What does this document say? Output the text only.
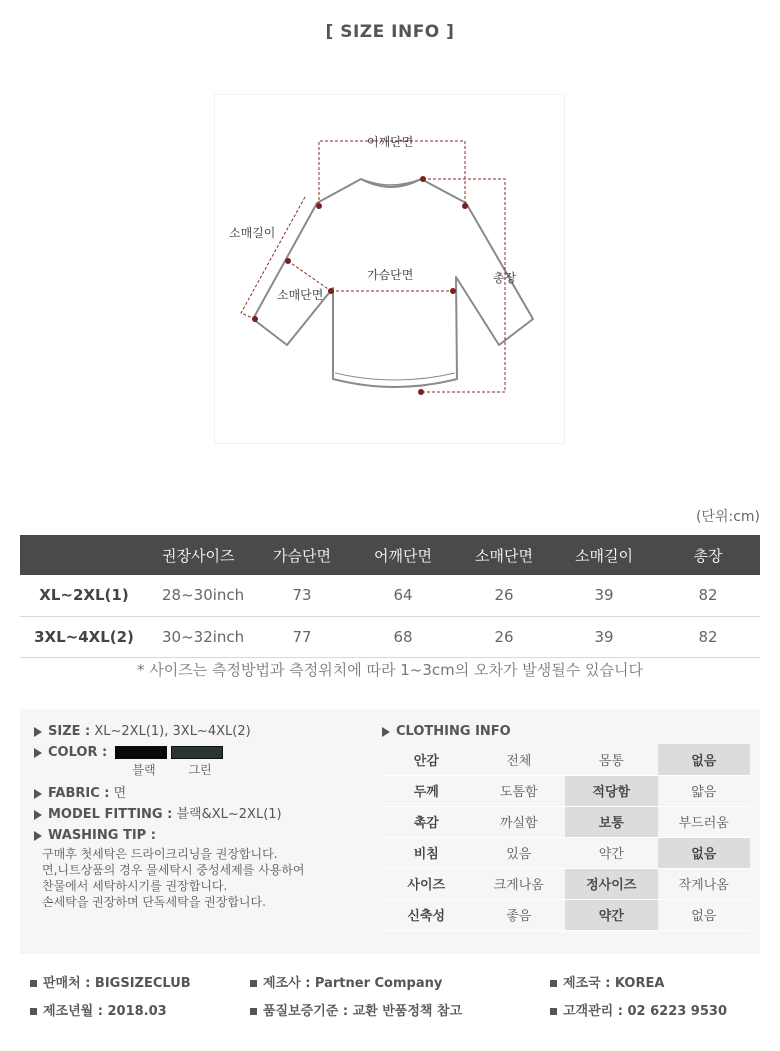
[ SIZE INFO ]
어깨단면
소매길이
가슴단면
소매단면
총장
(단위:cm)
	권장사이즈	가슴단면	어깨단면	소매단면	소매길이	총장
XL~2XL(1)	28~30inch	73	64	26	39	82
3XL~4XL(2)	30~32inch	77	68	26	39	82
* 사이즈는 측정방법과 측정위치에 따라 1~3cm의 오차가 발생될수 있습니다
SIZE : XL~2XL(1), 3XL~4XL(2)
COLOR :
블랙	그린
FABRIC : 면
MODEL FITTING : 블랙&XL~2XL(1)
WASHING TIP :
구매후 첫세탁은 드라이크리닝을 권장합니다.
면,니트상품의 경우 물세탁시 중성세제를 사용하여
찬물에서 세탁하시기를 권장합니다.
손세탁을 권장하며 단독세탁을 권장합니다.
CLOTHING INFO
안감	전체	몸통	없음
두께	도톰함	적당함	얇음
촉감	까실함	보통	부드러움
비침	있음	약간	없음
사이즈	크게나옴	정사이즈	작게나옴
신축성	좋음	약간	없음
판매처 : BIGSIZECLUB	제조사 : Partner Company	제조국 : KOREA
제조년월 : 2018.03	품질보증기준 : 교환 반품정책 참고	고객관리 : 02 6223 9530
